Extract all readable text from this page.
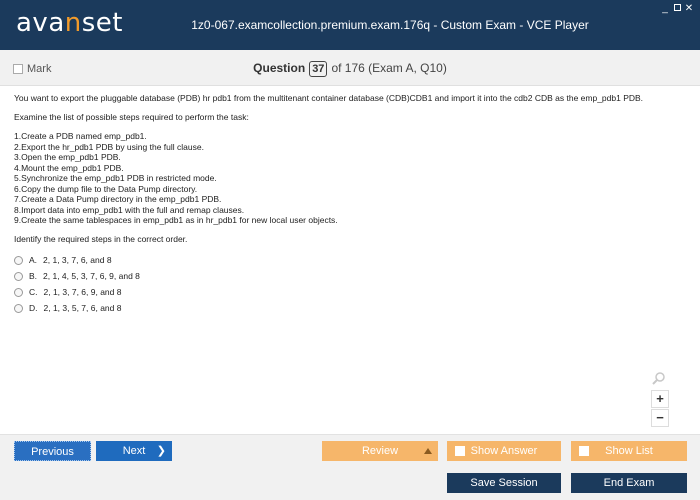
avanset	1z0-067.examcollection.premium.exam.176q - Custom Exam - VCE Player
_	✕
Mark	Question 37 of 176 (Exam A, Q10)

You want to export the pluggable database (PDB) hr pdb1 from the multitenant container database (CDB)CDB1 and import it into the cdb2 CDB as the emp_pdb1 PDB.

Examine the list of possible steps required to perform the task:

1.Create a PDB named emp_pdb1.
2.Export the hr_pdb1 PDB by using the full clause.
3.Open the emp_pdb1 PDB.
4.Mount the emp_pdb1 PDB.
5.Synchronize the emp_pdb1 PDB in restricted mode.
6.Copy the dump file to the Data Pump directory.
7.Create a Data Pump directory in the emp_pdb1 PDB.
8.Import data into emp_pdb1 with the full and remap clauses.
9.Create the same tablespaces in emp_pdb1 as in hr_pdb1 for new local user objects.

Identify the required steps in the correct order.

A. 2, 1, 3, 7, 6, and 8
B. 2, 1, 4, 5, 3, 7, 6, 9, and 8
C. 2, 1, 3, 7, 6, 9, and 8
D. 2, 1, 3, 5, 7, 6, and 8
+
−
Previous	Next ❯	Review	Show Answer	Show List
Save Session	End Exam
